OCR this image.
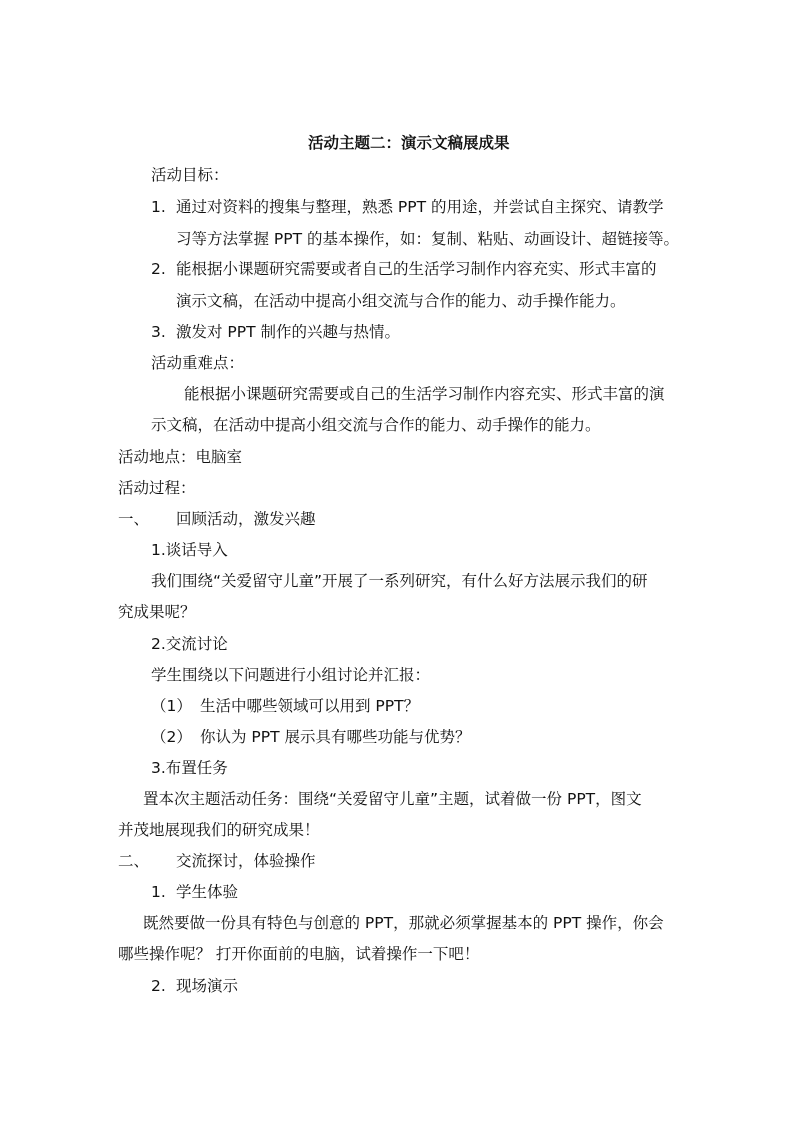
活动主题二：演示文稿展成果
活动目标：
1. 通过对资料的搜集与整理，熟悉 PPT 的用途，并尝试自主探究、请教学
习等方法掌握 PPT 的基本操作，如：复制、粘贴、动画设计、超链接等。
2. 能根据小课题研究需要或者自己的生活学习制作内容充实、形式丰富的
演示文稿，在活动中提高小组交流与合作的能力、动手操作能力。
3. 激发对 PPT 制作的兴趣与热情。
活动重难点：
能根据小课题研究需要或自己的生活学习制作内容充实、形式丰富的演
示文稿，在活动中提高小组交流与合作的能力、动手操作的能力。
活动地点：电脑室
活动过程：
一、 回顾活动，激发兴趣
1.谈话导入
我们围绕“关爱留守儿童”开展了一系列研究，有什么好方法展示我们的研
究成果呢？
2.交流讨论
学生围绕以下问题进行小组讨论并汇报：
（1） 生活中哪些领域可以用到 PPT？
（2） 你认为 PPT 展示具有哪些功能与优势？
3.布置任务
置本次主题活动任务：围绕“关爱留守儿童”主题，试着做一份 PPT，图文
并茂地展现我们的研究成果！
二、 交流探讨，体验操作
1. 学生体验
既然要做一份具有特色与创意的 PPT，那就必须掌握基本的 PPT 操作，你会
哪些操作呢？ 打开你面前的电脑，试着操作一下吧！
2. 现场演示
